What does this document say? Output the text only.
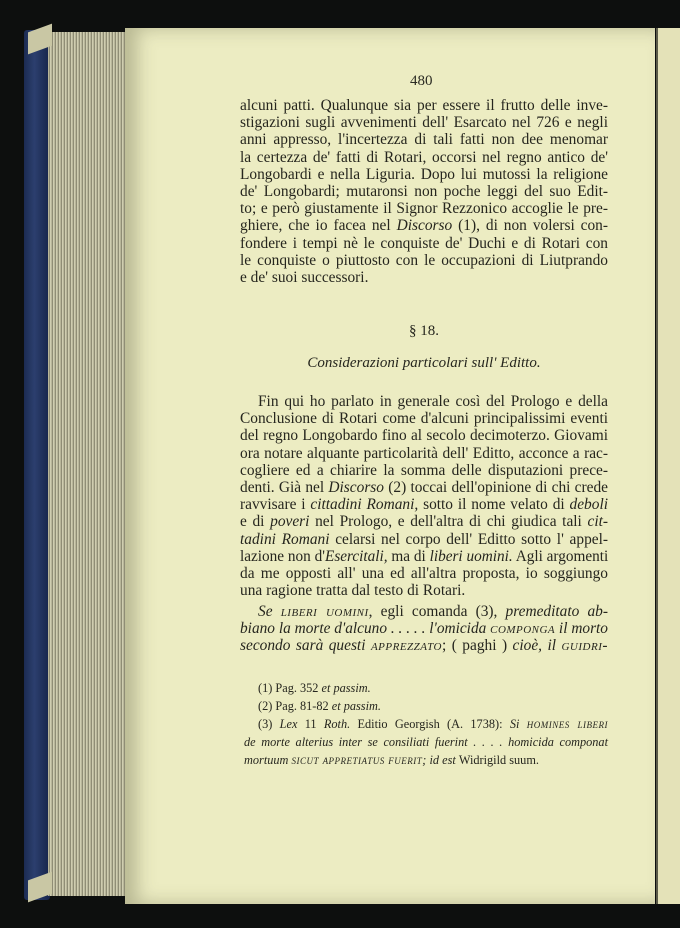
480
alcuni patti. Qualunque sia per essere il frutto delle inve-
stigazioni sugli avvenimenti dell' Esarcato nel 726 e negli
anni appresso, l'incertezza di tali fatti non dee menomar
la certezza de' fatti di Rotari, occorsi nel regno antico de'
Longobardi e nella Liguria. Dopo lui mutossi la religione
de' Longobardi; mutaronsi non poche leggi del suo Edit-
to; e però giustamente il Signor Rezzonico accoglie le pre-
ghiere, che io facea nel Discorso (1), di non volersi con-
fondere i tempi nè le conquiste de' Duchi e di Rotari con
le conquiste o piuttosto con le occupazioni di Liutprando
e de' suoi successori.
§ 18.
Considerazioni particolari sull' Editto.
Fin qui ho parlato in generale così del Prologo e della
Conclusione di Rotari come d'alcuni principalissimi eventi
del regno Longobardo fino al secolo decimoterzo. Giovami
ora notare alquante particolarità dell' Editto, acconce a rac-
cogliere ed a chiarire la somma delle disputazioni prece-
denti. Già nel Discorso (2) toccai dell'opinione di chi crede
ravvisare i cittadini Romani, sotto il nome velato di deboli
e di poveri nel Prologo, e dell'altra di chi giudica tali cit-
tadini Romani celarsi nel corpo dell' Editto sotto l' appel-
lazione non d'Esercitali, ma di liberi uomini. Agli argomenti
da me opposti all' una ed all'altra proposta, io soggiungo
una ragione tratta dal testo di Rotari.
Se liberi uomini, egli comanda (3), premeditato ab-
biano la morte d'alcuno . . . . . l'omicida componga il morto
secondo sarà questi apprezzato; ( paghi ) cioè, il guidri-
(1) Pag. 352 et passim.
(2) Pag. 81-82 et passim.
(3) Lex 11 Roth. Editio Georgish (A. 1738): Si homines liberi
de morte alterius inter se consiliati fuerint . . . . homicida componat
mortuum sicut appretiatus fuerit; id est Widrigild suum.
